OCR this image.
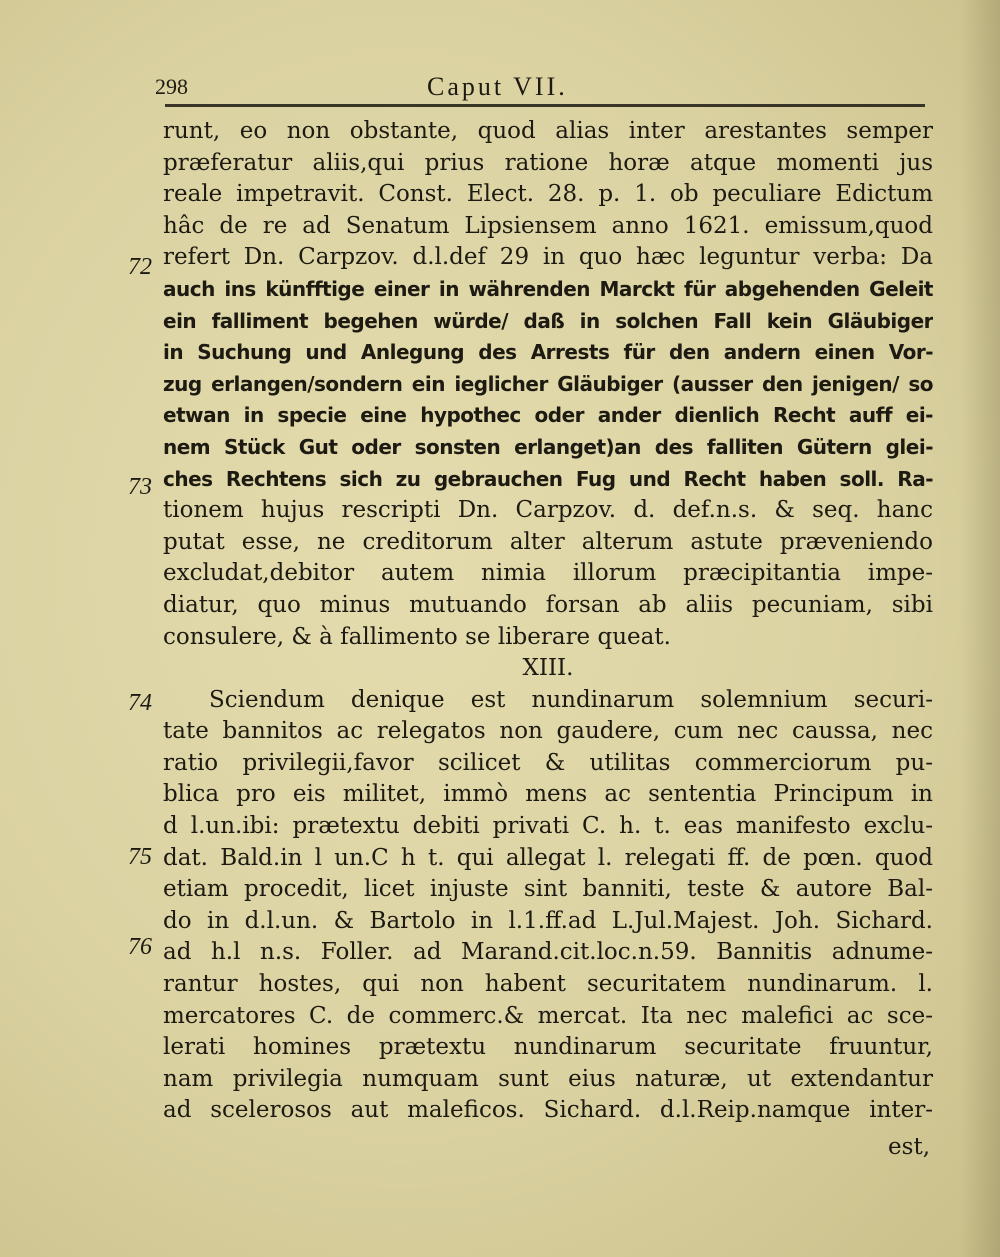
298	Caput VII.
72
73
74
75
76
runt, eo non obstante, quod alias inter arestantes semper
præferatur aliis,qui prius ratione horæ atque momenti jus
reale impetravit. Const. Elect. 28. p. 1. ob peculiare Edictum
hâc de re ad Senatum Lipsiensem anno 1621. emissum,quod
refert Dn. Carpzov. d.l.def 29 in quo hæc leguntur verba: Da
auch ins künfftige einer in währenden Marckt für abgehenden Geleit
ein falliment begehen würde/ daß in solchen Fall kein Gläubiger
in Suchung und Anlegung des Arrests für den andern einen Vor-
zug erlangen/sondern ein ieglicher Gläubiger (ausser den jenigen/ so
etwan in specie eine hypothec oder ander dienlich Recht auff ei-
nem Stück Gut oder sonsten erlanget)an des falliten Gütern glei-
ches Rechtens sich zu gebrauchen Fug und Recht haben soll. Ra-
tionem hujus rescripti Dn. Carpzov. d. def.n.s. & seq. hanc
putat esse, ne creditorum alter alterum astute præveniendo
excludat,debitor autem nimia illorum præcipitantia impe-
diatur, quo minus mutuando forsan ab aliis pecuniam, sibi
consulere, & à fallimento se liberare queat.
XIII.
Sciendum denique est nundinarum solemnium securi-
tate bannitos ac relegatos non gaudere, cum nec caussa, nec
ratio privilegii,favor scilicet & utilitas commerciorum pu-
blica pro eis militet, immò mens ac sententia Principum in
d l.un.ibi: prætextu debiti privati C. h. t. eas manifesto exclu-
dat. Bald.in l un.C h t. qui allegat l. relegati ff. de pœn. quod
etiam procedit, licet injuste sint banniti, teste & autore Bal-
do in d.l.un. & Bartolo in l.1.ff.ad L.Jul.Majest. Joh. Sichard.
ad h.l n.s. Foller. ad Marand.cit.loc.n.59. Bannitis adnume-
rantur hostes, qui non habent securitatem nundinarum. l.
mercatores C. de commerc.& mercat. Ita nec malefici ac sce-
lerati homines prætextu nundinarum securitate fruuntur,
nam privilegia numquam sunt eius naturæ, ut extendantur
ad scelerosos aut maleficos. Sichard. d.l.Reip.namque inter-
est,
